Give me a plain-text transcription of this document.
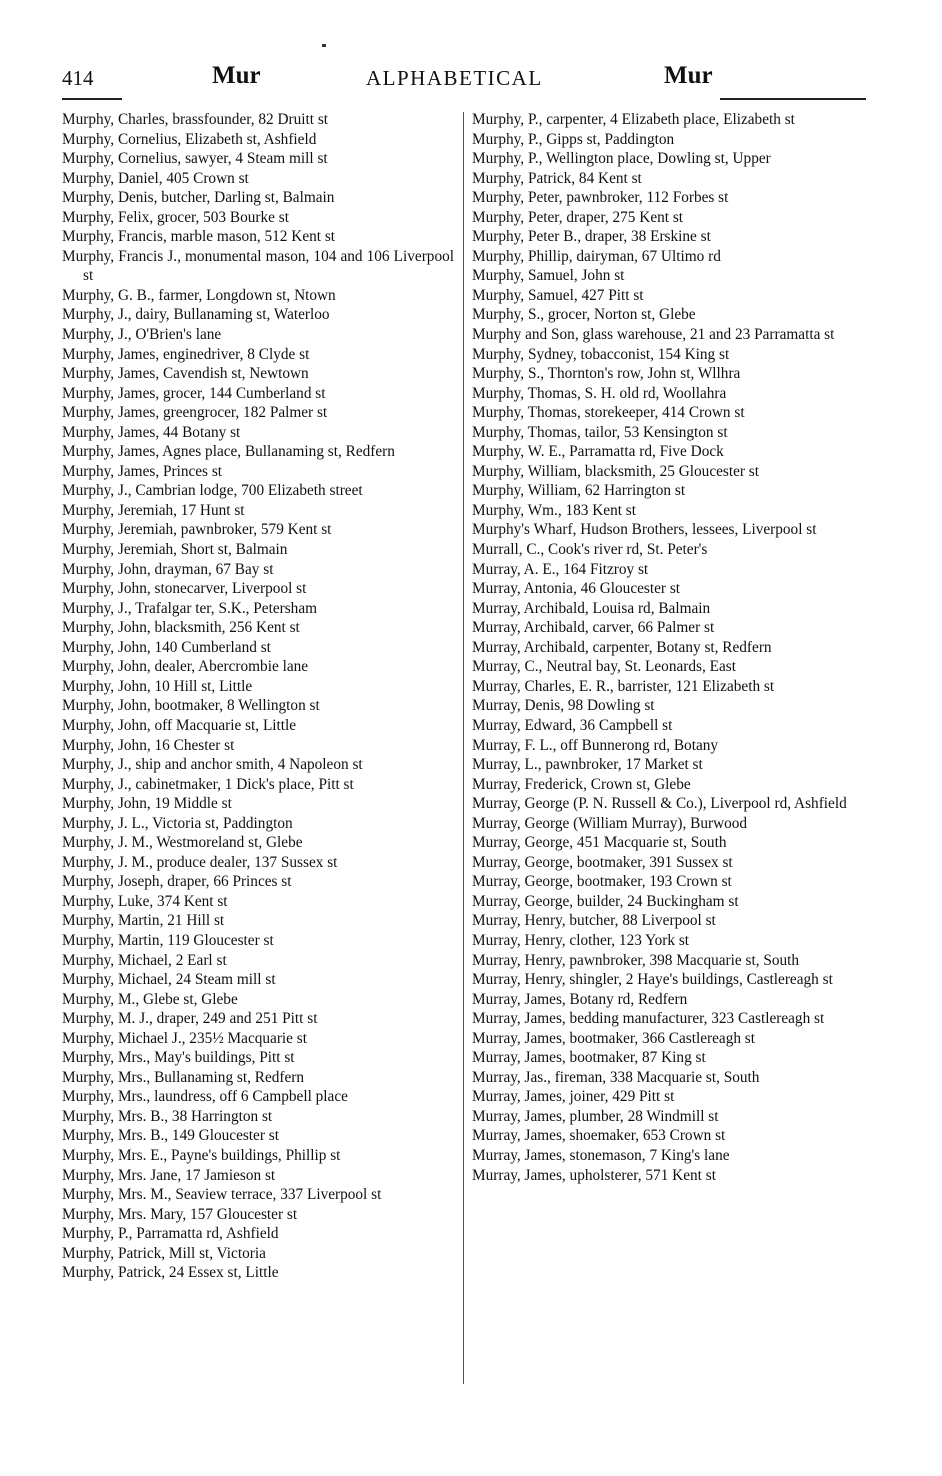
414	Mur	ALPHABETICAL	Mur

Murphy, Charles, brassfounder, 82 Druitt st

Murphy, Cornelius, Elizabeth st, Ashfield

Murphy, Cornelius, sawyer, 4 Steam mill st

Murphy, Daniel, 405 Crown st

Murphy, Denis, butcher, Darling st, Balmain

Murphy, Felix, grocer, 503 Bourke st

Murphy, Francis, marble mason, 512 Kent st

Murphy, Francis J., monumental mason, 104 and 106 Liverpool st

Murphy, G. B., farmer, Longdown st, Ntown

Murphy, J., dairy, Bullanaming st, Waterloo

Murphy, J., O'Brien's lane

Murphy, James, enginedriver, 8 Clyde st

Murphy, James, Cavendish st, Newtown

Murphy, James, grocer, 144 Cumberland st

Murphy, James, greengrocer, 182 Palmer st

Murphy, James, 44 Botany st

Murphy, James, Agnes place, Bullanaming st, Redfern

Murphy, James, Princes st

Murphy, J., Cambrian lodge, 700 Elizabeth street

Murphy, Jeremiah, 17 Hunt st

Murphy, Jeremiah, pawnbroker, 579 Kent st

Murphy, Jeremiah, Short st, Balmain

Murphy, John, drayman, 67 Bay st

Murphy, John, stonecarver, Liverpool st

Murphy, J., Trafalgar ter, S.K., Petersham

Murphy, John, blacksmith, 256 Kent st

Murphy, John, 140 Cumberland st

Murphy, John, dealer, Abercrombie lane

Murphy, John, 10 Hill st, Little

Murphy, John, bootmaker, 8 Wellington st

Murphy, John, off Macquarie st, Little

Murphy, John, 16 Chester st

Murphy, J., ship and anchor smith, 4 Napoleon st

Murphy, J., cabinetmaker, 1 Dick's place, Pitt st

Murphy, John, 19 Middle st

Murphy, J. L., Victoria st, Paddington

Murphy, J. M., Westmoreland st, Glebe

Murphy, J. M., produce dealer, 137 Sussex st

Murphy, Joseph, draper, 66 Princes st

Murphy, Luke, 374 Kent st

Murphy, Martin, 21 Hill st

Murphy, Martin, 119 Gloucester st

Murphy, Michael, 2 Earl st

Murphy, Michael, 24 Steam mill st

Murphy, M., Glebe st, Glebe

Murphy, M. J., draper, 249 and 251 Pitt st

Murphy, Michael J., 235½ Macquarie st

Murphy, Mrs., May's buildings, Pitt st

Murphy, Mrs., Bullanaming st, Redfern

Murphy, Mrs., laundress, off 6 Campbell place

Murphy, Mrs. B., 38 Harrington st

Murphy, Mrs. B., 149 Gloucester st

Murphy, Mrs. E., Payne's buildings, Phillip st

Murphy, Mrs. Jane, 17 Jamieson st

Murphy, Mrs. M., Seaview terrace, 337 Liverpool st

Murphy, Mrs. Mary, 157 Gloucester st

Murphy, P., Parramatta rd, Ashfield

Murphy, Patrick, Mill st, Victoria

Murphy, Patrick, 24 Essex st, Little

Murphy, P., carpenter, 4 Elizabeth place, Elizabeth st

Murphy, P., Gipps st, Paddington

Murphy, P., Wellington place, Dowling st, Upper

Murphy, Patrick, 84 Kent st

Murphy, Peter, pawnbroker, 112 Forbes st

Murphy, Peter, draper, 275 Kent st

Murphy, Peter B., draper, 38 Erskine st

Murphy, Phillip, dairyman, 67 Ultimo rd

Murphy, Samuel, John st

Murphy, Samuel, 427 Pitt st

Murphy, S., grocer, Norton st, Glebe

Murphy and Son, glass warehouse, 21 and 23 Parramatta st

Murphy, Sydney, tobacconist, 154 King st

Murphy, S., Thornton's row, John st, Wllhra

Murphy, Thomas, S. H. old rd, Woollahra

Murphy, Thomas, storekeeper, 414 Crown st

Murphy, Thomas, tailor, 53 Kensington st

Murphy, W. E., Parramatta rd, Five Dock

Murphy, William, blacksmith, 25 Gloucester st

Murphy, William, 62 Harrington st

Murphy, Wm., 183 Kent st

Murphy's Wharf, Hudson Brothers, lessees, Liverpool st

Murrall, C., Cook's river rd, St. Peter's

Murray, A. E., 164 Fitzroy st

Murray, Antonia, 46 Gloucester st

Murray, Archibald, Louisa rd, Balmain

Murray, Archibald, carver, 66 Palmer st

Murray, Archibald, carpenter, Botany st, Redfern

Murray, C., Neutral bay, St. Leonards, East

Murray, Charles, E. R., barrister, 121 Elizabeth st

Murray, Denis, 98 Dowling st

Murray, Edward, 36 Campbell st

Murray, F. L., off Bunnerong rd, Botany

Murray, L., pawnbroker, 17 Market st

Murray, Frederick, Crown st, Glebe

Murray, George (P. N. Russell & Co.), Liverpool rd, Ashfield

Murray, George (William Murray), Burwood

Murray, George, 451 Macquarie st, South

Murray, George, bootmaker, 391 Sussex st

Murray, George, bootmaker, 193 Crown st

Murray, George, builder, 24 Buckingham st

Murray, Henry, butcher, 88 Liverpool st

Murray, Henry, clother, 123 York st

Murray, Henry, pawnbroker, 398 Macquarie st, South

Murray, Henry, shingler, 2 Haye's buildings, Castlereagh st

Murray, James, Botany rd, Redfern

Murray, James, bedding manufacturer, 323 Castlereagh st

Murray, James, bootmaker, 366 Castlereagh st

Murray, James, bootmaker, 87 King st

Murray, Jas., fireman, 338 Macquarie st, South

Murray, James, joiner, 429 Pitt st

Murray, James, plumber, 28 Windmill st

Murray, James, shoemaker, 653 Crown st

Murray, James, stonemason, 7 King's lane

Murray, James, upholsterer, 571 Kent st
